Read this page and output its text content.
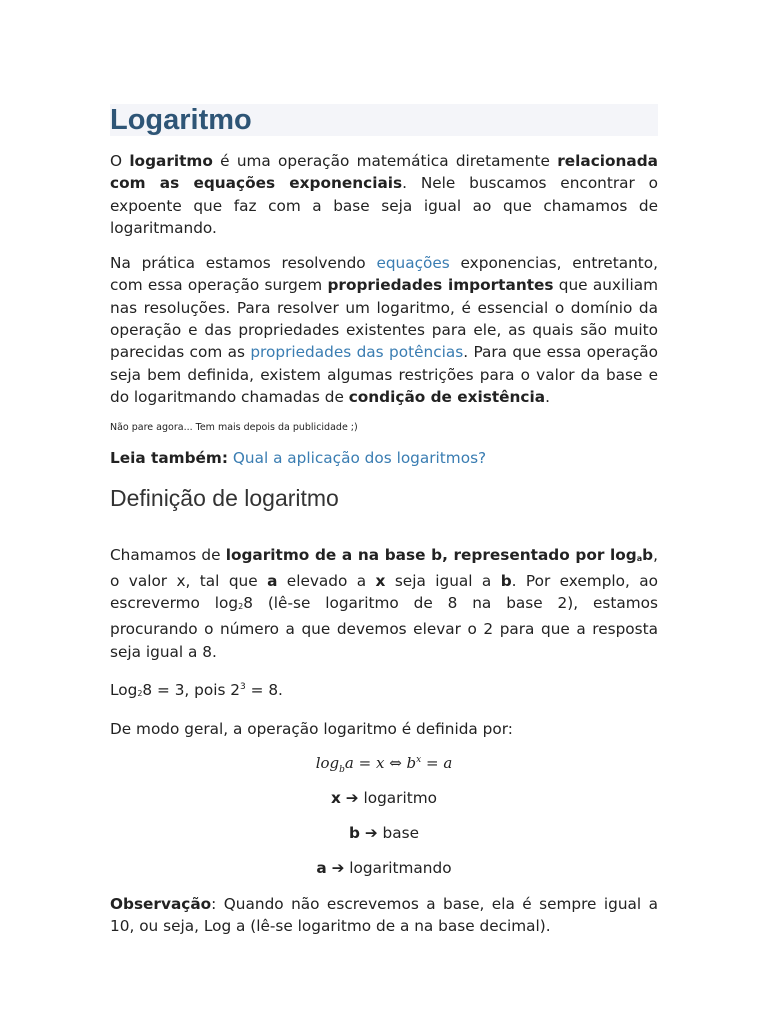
Logaritmo

O logaritmo é uma operação matemática diretamente relacionada com as equações exponenciais. Nele buscamos encontrar o expoente que faz com a base seja igual ao que chamamos de logaritmando.

Na prática estamos resolvendo equações exponencias, entretanto, com essa operação surgem propriedades importantes que auxiliam nas resoluções. Para resolver um logaritmo, é essencial o domínio da operação e das propriedades existentes para ele, as quais são muito parecidas com as propriedades das potências. Para que essa operação seja bem definida, existem algumas restrições para o valor da base e do logaritmando chamadas de condição de existência.

Não pare agora... Tem mais depois da publicidade ;)

Leia também: Qual a aplicação dos logaritmos?

Definição de logaritmo

Chamamos de logaritmo de a na base b, representado por $\log_ab$, o valor x, tal que a elevado a x seja igual a b. Por exemplo, ao escrevermo $\log_28$ (lê-se logaritmo de 8 na base 2), estamos procurando o número a que devemos elevar o 2 para que a resposta seja igual a 8.

Log$_2$8 = 3, pois $2^3 = 8$.

De modo geral, a operação logaritmo é definida por:

$\log_ba = x$ ⇔ $b^x = a$

x ➔ logaritmo

b ➔ base

a ➔ logaritmando

Observação: Quando não escrevemos a base, ela é sempre igual a 10, ou seja, Log a (lê-se logaritmo de a na base decimal).
